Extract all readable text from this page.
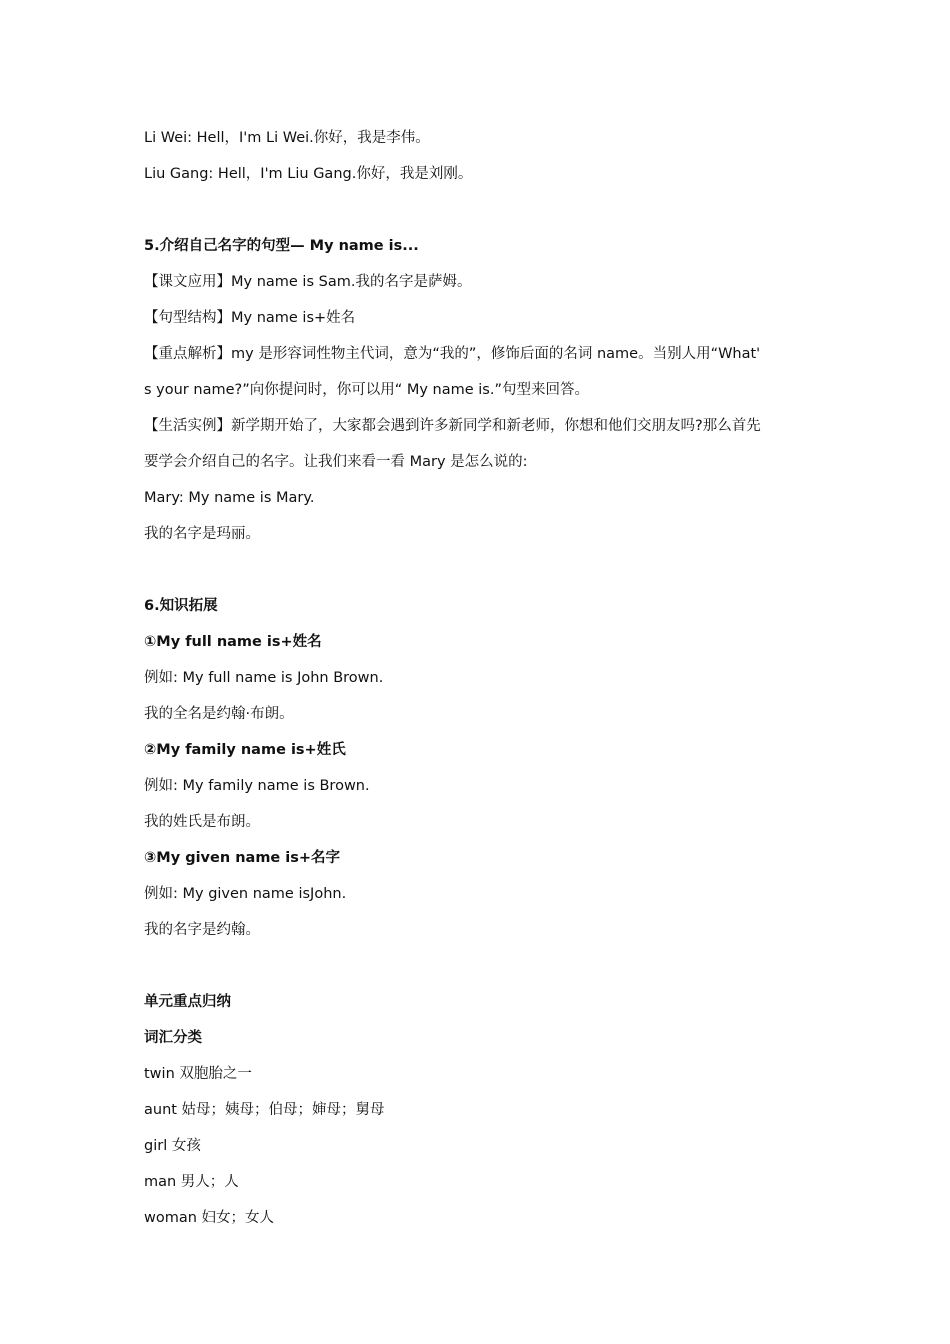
Li Wei: Hell，I'm Li Wei.你好，我是李伟。
Liu Gang: Hell，I'm Liu Gang.你好，我是刘刚。
5.介绍自己名字的句型— My name is...
【课文应用】My name is Sam.我的名字是萨姆。
【句型结构】My name is+姓名
【重点解析】my 是形容词性物主代词，意为“我的”，修饰后面的名词 name。当别人用“What'
s your name?”向你提问时，你可以用“ My name is.”句型来回答。
【生活实例】新学期开始了，大家都会遇到许多新同学和新老师，你想和他们交朋友吗?那么首先
要学会介绍自己的名字。让我们来看一看 Mary 是怎么说的:
Mary: My name is Mary.
我的名字是玛丽。
6.知识拓展
①My full name is+姓名
例如: My full name is John Brown.
我的全名是约翰·布朗。
②My family name is+姓氏
例如: My family name is Brown.
我的姓氏是布朗。
③My given name is+名字
例如: My given name isJohn.
我的名字是约翰。
单元重点归纳
词汇分类
twin 双胞胎之一
aunt 姑母；姨母；伯母；婶母；舅母
girl 女孩
man 男人；人
woman 妇女；女人
